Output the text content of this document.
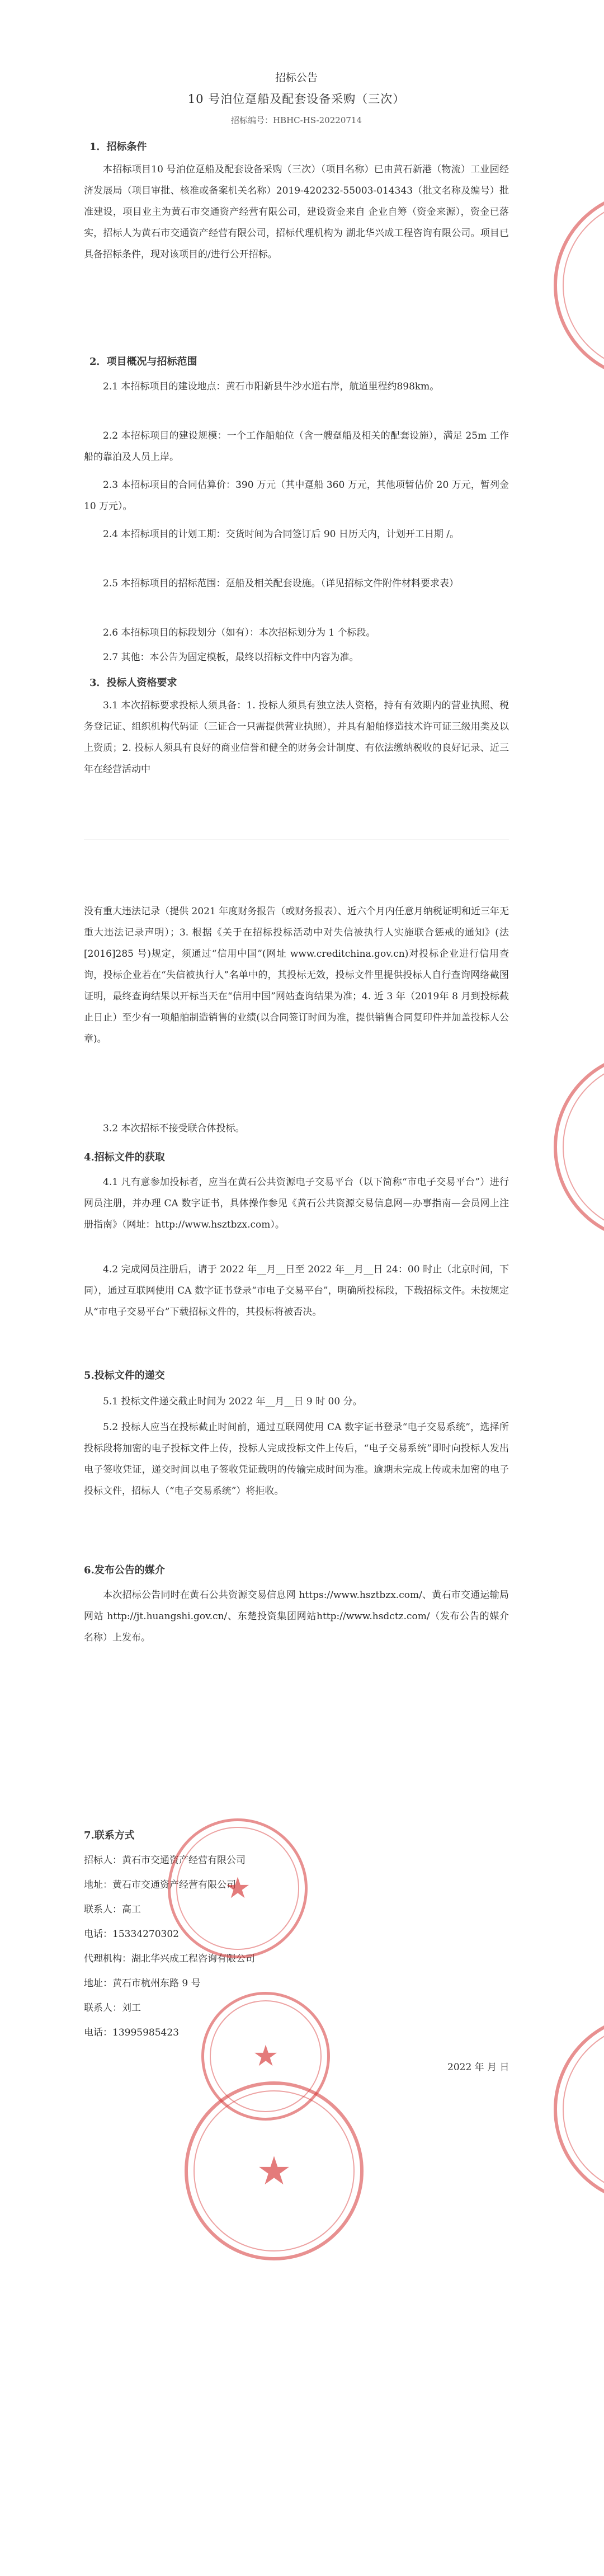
招标公告
10 号泊位趸船及配套设备采购（三次）
招标编号：HBHC-HS-20220714
1．招标条件
本招标项目10 号泊位趸船及配套设备采购（三次）（项目名称）已由黄石新港（物流）工业园经济发展局（项目审批、核准或备案机关名称）2019-420232-55003-014343（批文名称及编号）批准建设，项目业主为黄石市交通资产经营有限公司，建设资金来自 企业自筹（资金来源），资金已落实，招标人为黄石市交通资产经营有限公司，招标代理机构为 湖北华兴成工程咨询有限公司。项目已具备招标条件，现对该项目的/进行公开招标。
2．项目概况与招标范围
2.1 本招标项目的建设地点：黄石市阳新县牛沙水道右岸，航道里程约898km。
2.2 本招标项目的建设规模：一个工作船舶位（含一艘趸船及相关的配套设施），满足 25m 工作船的靠泊及人员上岸。
2.3 本招标项目的合同估算价：390 万元（其中趸船 360 万元，其他项暂估价 20 万元，暂列金 10 万元）。
2.4 本招标项目的计划工期：交货时间为合同签订后 90 日历天内，计划开工日期 /。
2.5 本招标项目的招标范围：趸船及相关配套设施。（详见招标文件附件材料要求表）
2.6 本招标项目的标段划分（如有）：本次招标划分为 1 个标段。
2.7 其他：本公告为固定模板，最终以招标文件中内容为准。
3．投标人资格要求
3.1 本次招标要求投标人须具备：1. 投标人须具有独立法人资格，持有有效期内的营业执照、税务登记证、组织机构代码证（三证合一只需提供营业执照），并具有船舶修造技术许可证三级用类及以上资质；2. 投标人须具有良好的商业信誉和健全的财务会计制度、有依法缴纳税收的良好记录、近三年在经营活动中
没有重大违法记录（提供 2021 年度财务报告（或财务报表）、近六个月内任意月纳税证明和近三年无重大违法记录声明）；3. 根据《关于在招标投标活动中对失信被执行人实施联合惩戒的通知》(法[2016]285 号)规定，须通过“信用中国”(网址 www.creditchina.gov.cn)对投标企业进行信用查询，投标企业若在“失信被执行人”名单中的，其投标无效，投标文件里提供投标人自行查询网络截图证明，最终查询结果以开标当天在“信用中国”网站查询结果为准；4. 近 3 年（2019年 8 月到投标截止日止）至少有一项船舶制造销售的业绩(以合同签订时间为准，提供销售合同复印件并加盖投标人公章)。
3.2 本次招标不接受联合体投标。
4.招标文件的获取
4.1 凡有意参加投标者，应当在黄石公共资源电子交易平台（以下简称“市电子交易平台”）进行网员注册，并办理 CA 数字证书，具体操作参见《黄石公共资源交易信息网—办事指南—会员网上注册指南》（网址：http://www.hsztbzx.com）。
4.2 完成网员注册后，请于 2022 年__月__日至 2022 年__月__日 24：00 时止（北京时间，下同），通过互联网使用 CA 数字证书登录“市电子交易平台”，明确所投标段，下载招标文件。未按规定从“市电子交易平台”下载招标文件的，其投标将被否决。
5.投标文件的递交
5.1 投标文件递交截止时间为 2022 年__月__日 9 时 00 分。
5.2 投标人应当在投标截止时间前，通过互联网使用 CA 数字证书登录“电子交易系统”，选择所投标段将加密的电子投标文件上传，投标人完成投标文件上传后，“电子交易系统”即时向投标人发出电子签收凭证，递交时间以电子签收凭证载明的传输完成时间为准。逾期未完成上传或未加密的电子投标文件，招标人（“电子交易系统”）将拒收。
6.发布公告的媒介
本次招标公告同时在黄石公共资源交易信息网 https://www.hsztbzx.com/、黄石市交通运输局网站 http://jt.huangshi.gov.cn/、东楚投资集团网站http://www.hsdctz.com/（发布公告的媒介名称）上发布。
7.联系方式
招标人：黄石市交通资产经营有限公司
地址：黄石市交通资产经营有限公司
联系人：高工
电话：15334270302
代理机构：湖北华兴成工程咨询有限公司
地址：黄石市杭州东路 9 号
联系人：刘工
电话：13995985423
2022 年 月 日
★
★
★
